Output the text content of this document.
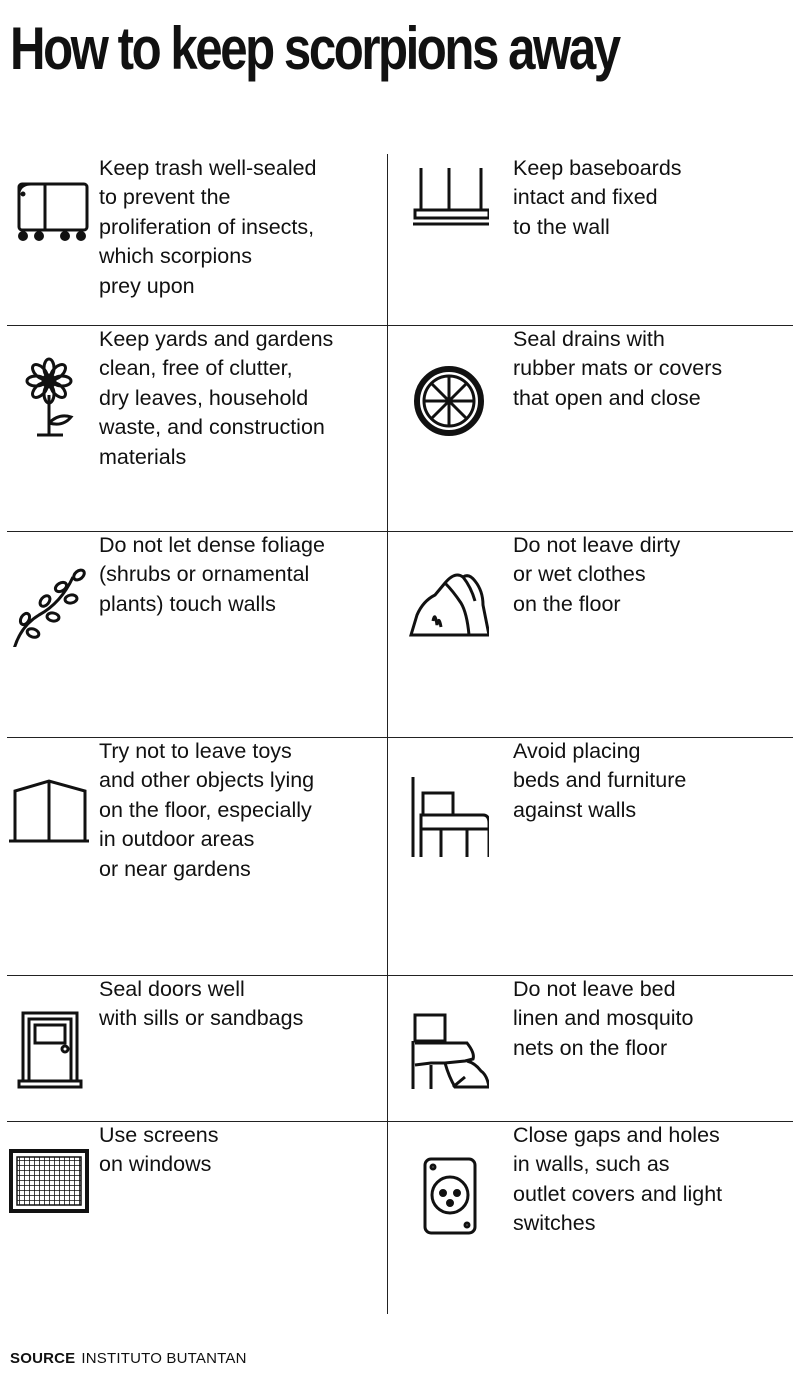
How to keep scorpions away

Keep trash well-sealed
to prevent the
proliferation of insects,
which scorpions
prey upon

Keep baseboards
intact and fixed
to the wall

Keep yards and gardens
clean, free of clutter,
dry leaves, household
waste, and construction
materials

Seal drains with
rubber mats or covers
that open and close

Do not let dense foliage
(shrubs or ornamental
plants) touch walls

Do not leave dirty
or wet clothes
on the floor

Try not to leave toys
and other objects lying
on the floor, especially
in outdoor areas
or near gardens

Avoid placing
beds and furniture
against walls

Seal doors well
with sills or sandbags

Do not leave bed
linen and mosquito
nets on the floor

Use screens
on windows

Close gaps and holes
in walls, such as
outlet covers and light
switches

SOURCE INSTITUTO BUTANTAN
